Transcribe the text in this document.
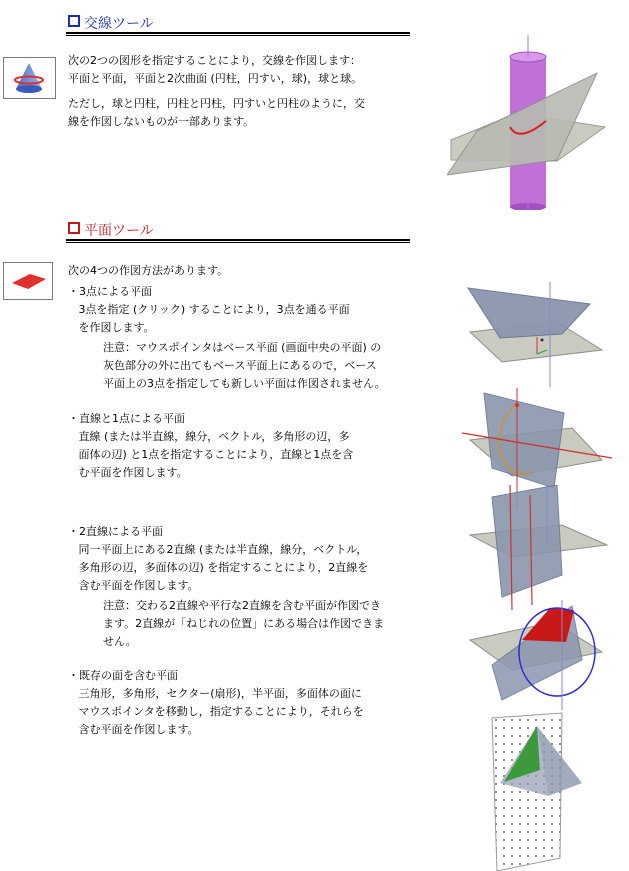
交線ツール
次の2つの図形を指定することにより，交線を作図します：
平面と平面，平面と2次曲面 (円柱，円すい，球)，球と球。
ただし，球と円柱，円柱と円柱，円すいと円柱のように，交
線を作図しないものが一部あります。
平面ツール
次の4つの作図方法があります。
・3点による平面
3点を指定 (クリック) することにより，3点を通る平面
を作図します。
注意：マウスポインタはベース平面 (画面中央の平面) の
灰色部分の外に出てもベース平面上にあるので，ベース
平面上の3点を指定しても新しい平面は作図されません。
・直線と1点による平面
直線 (または半直線，線分，ベクトル，多角形の辺，多
面体の辺) と1点を指定することにより，直線と1点を含
む平面を作図します。
・2直線による平面
同一平面上にある2直線 (または半直線，線分，ベクトル，
多角形の辺，多面体の辺) を指定することにより，2直線を
含む平面を作図します。
注意：交わる2直線や平行な2直線を含む平面が作図でき
ます。2直線が「ねじれの位置」にある場合は作図できま
せん。
・既存の面を含む平面
三角形，多角形，セクター(扇形)，半平面，多面体の面に
マウスポインタを移動し，指定することにより，それらを
含む平面を作図します。
